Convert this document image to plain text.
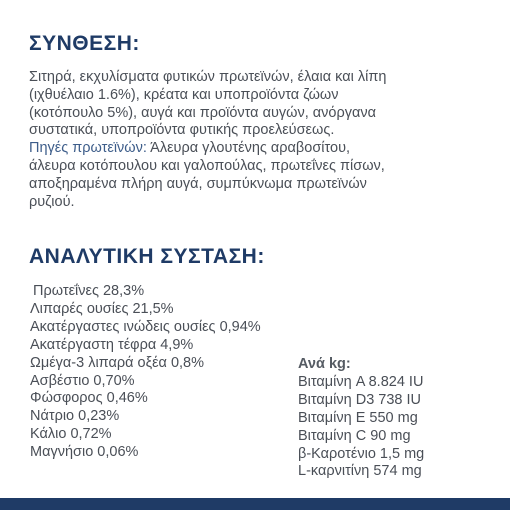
ΣΥΝΘΕΣΗ:
Σιτηρά, εκχυλίσματα φυτικών πρωτεϊνών, έλαια και λίπη
(ιχθυέλαιο 1.6%), κρέατα και υποπροϊόντα ζώων
(κοτόπουλο 5%), αυγά και προϊόντα αυγών, ανόργανα
συστατικά, υποπροϊόντα φυτικής προελεύσεως.
Πηγές πρωτεϊνών: Άλευρα γλουτένης αραβοσίτου,
άλευρα κοτόπουλου και γαλοπούλας, πρωτεΐνες πίσων,
αποξηραμένα πλήρη αυγά, συμπύκνωμα πρωτεϊνών
ρυζιού.
ΑΝΑΛΥΤΙΚΗ ΣΥΣΤΑΣΗ:
Πρωτεΐνες 28,3%
Λιπαρές ουσίες 21,5%
Ακατέργαστες ινώδεις ουσίες 0,94%
Ακατέργαστη τέφρα 4,9%
Ωμέγα-3 λιπαρά οξέα 0,8%
Ασβέστιο 0,70%
Φώσφορος 0,46%
Νάτριο 0,23%
Κάλιο 0,72%
Μαγνήσιο 0,06%
Ανά kg:
Βιταμίνη A 8.824 IU
Βιταμίνη D3 738 IU
Βιταμίνη E 550 mg
Βιταμίνη C 90 mg
β-Καροτένιο 1,5 mg
L-καρνιτίνη 574 mg
